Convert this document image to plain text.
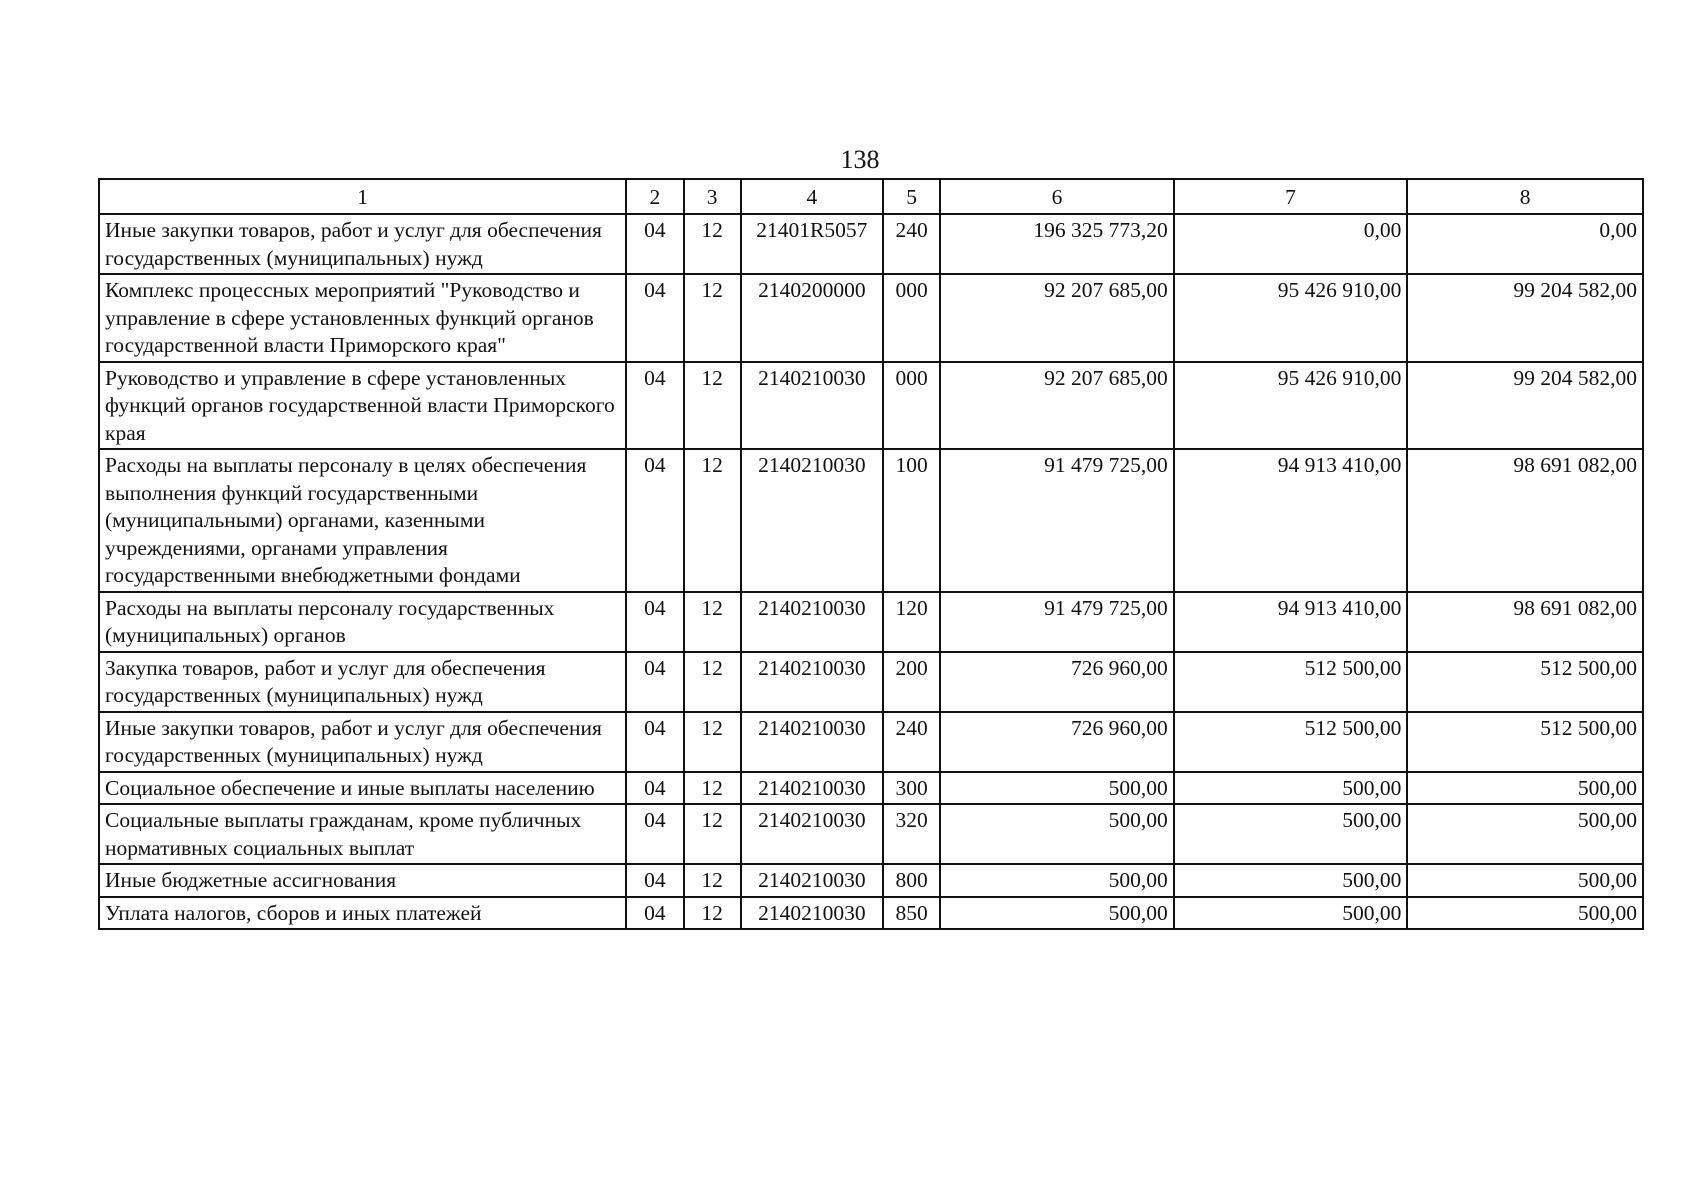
138
1	2	3	4	5	6	7	8
Иные закупки товаров, работ и услуг для обеспечения государственных (муниципальных) нужд	04	12	21401R5057	240	196 325 773,20	0,00	0,00
Комплекс процессных мероприятий "Руководство и управление в сфере установленных функций органов государственной власти Приморского края"	04	12	2140200000	000	92 207 685,00	95 426 910,00	99 204 582,00
Руководство и управление в сфере установленных функций органов государственной власти Приморского края	04	12	2140210030	000	92 207 685,00	95 426 910,00	99 204 582,00
Расходы на выплаты персоналу в целях обеспечения выполнения функций государственными (муниципальными) органами, казенными учреждениями, органами управления государственными внебюджетными фондами	04	12	2140210030	100	91 479 725,00	94 913 410,00	98 691 082,00
Расходы на выплаты персоналу государственных (муниципальных) органов	04	12	2140210030	120	91 479 725,00	94 913 410,00	98 691 082,00
Закупка товаров, работ и услуг для обеспечения государственных (муниципальных) нужд	04	12	2140210030	200	726 960,00	512 500,00	512 500,00
Иные закупки товаров, работ и услуг для обеспечения государственных (муниципальных) нужд	04	12	2140210030	240	726 960,00	512 500,00	512 500,00
Социальное обеспечение и иные выплаты населению	04	12	2140210030	300	500,00	500,00	500,00
Социальные выплаты гражданам, кроме публичных нормативных социальных выплат	04	12	2140210030	320	500,00	500,00	500,00
Иные бюджетные ассигнования	04	12	2140210030	800	500,00	500,00	500,00
Уплата налогов, сборов и иных платежей	04	12	2140210030	850	500,00	500,00	500,00
